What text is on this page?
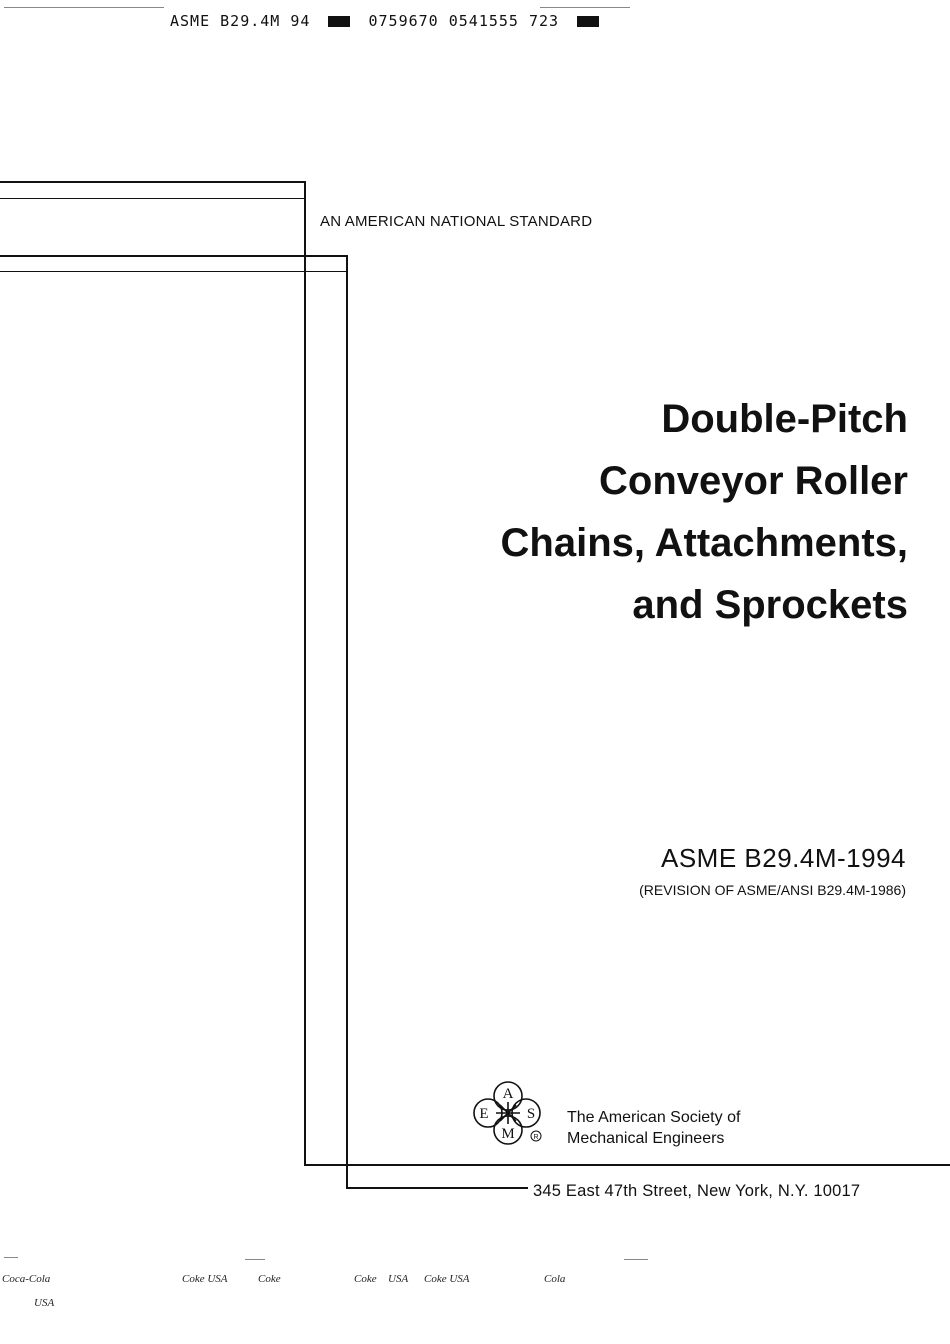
ASME B29.4M 94	0759670 0541555 723
AN AMERICAN NATIONAL STANDARD
Double-Pitch
Conveyor Roller
Chains, Attachments,
and Sprockets
ASME B29.4M-1994
(REVISION OF ASME/ANSI B29.4M-1986)
A
E	S
M	R
The American Society of
Mechanical Engineers
345 East 47th Street, New York, N.Y. 10017
Coca-Cola	Coke USA	Coke	Coke USA Coke USA	Cola
USA
